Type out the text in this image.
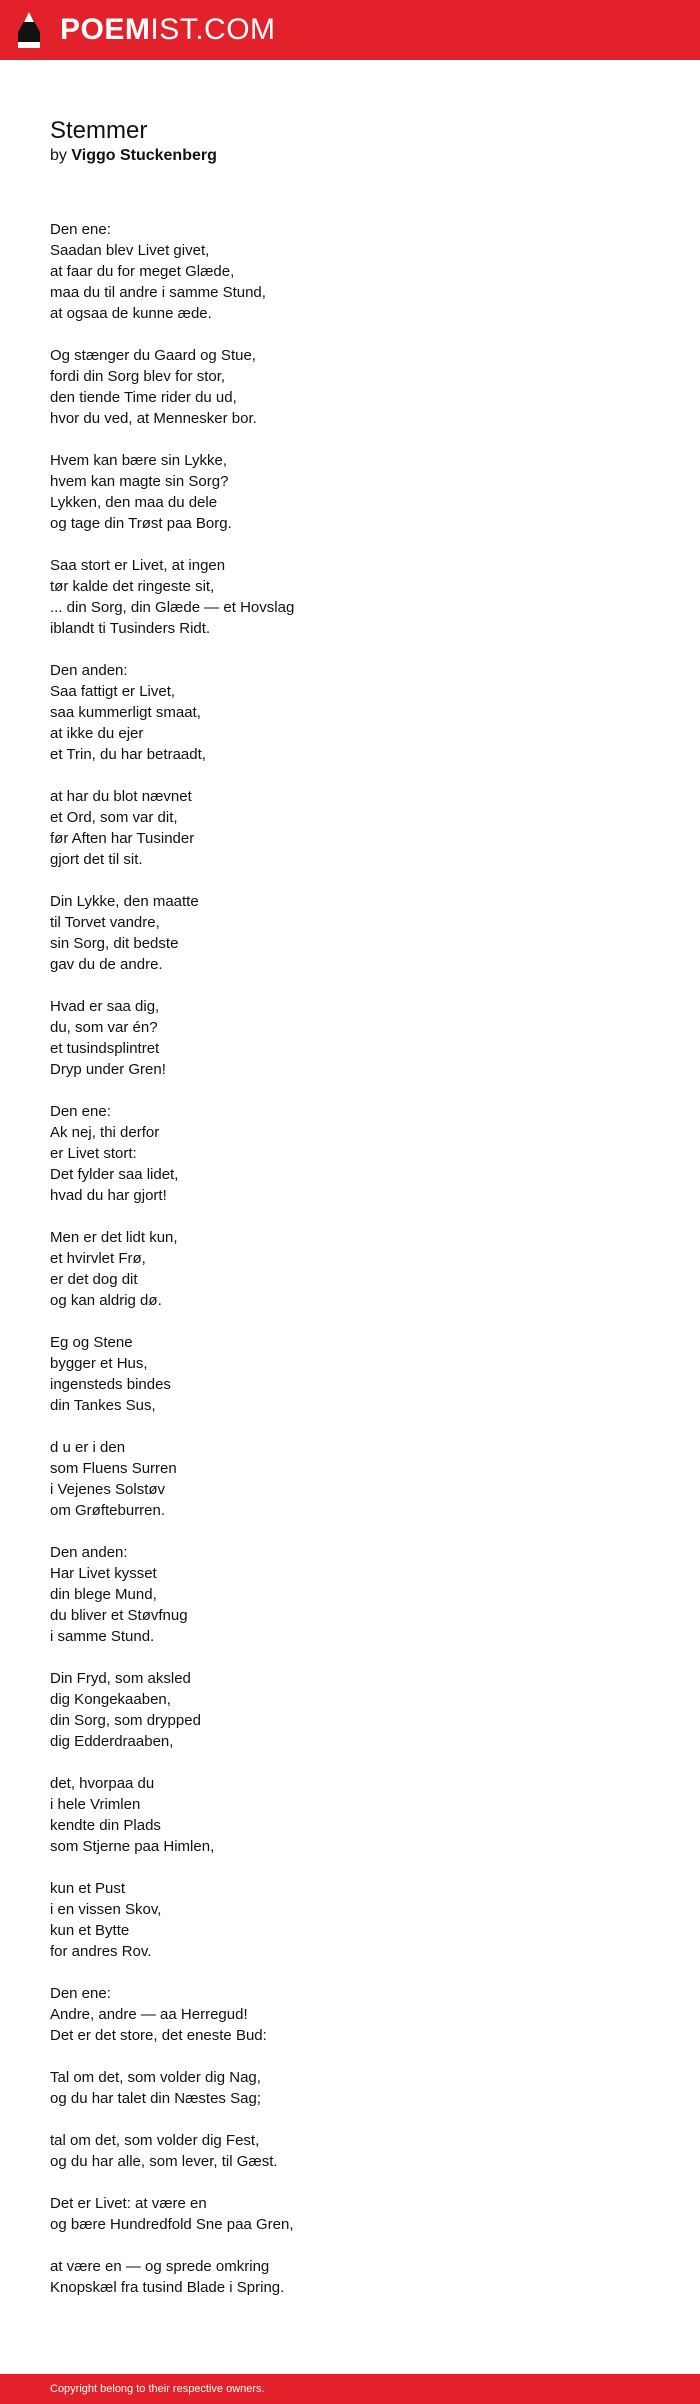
POEMIST.COM
Stemmer
by Viggo Stuckenberg
Den ene:
Saadan blev Livet givet,
at faar du for meget Glæde,
maa du til andre i samme Stund,
at ogsaa de kunne æde.
Og stænger du Gaard og Stue,
fordi din Sorg blev for stor,
den tiende Time rider du ud,
hvor du ved, at Mennesker bor.
Hvem kan bære sin Lykke,
hvem kan magte sin Sorg?
Lykken, den maa du dele
og tage din Trøst paa Borg.
Saa stort er Livet, at ingen
tør kalde det ringeste sit,
... din Sorg, din Glæde — et Hovslag
iblandt ti Tusinders Ridt.
Den anden:
Saa fattigt er Livet,
saa kummerligt smaat,
at ikke du ejer
et Trin, du har betraadt,
at har du blot nævnet
et Ord, som var dit,
før Aften har Tusinder
gjort det til sit.
Din Lykke, den maatte
til Torvet vandre,
sin Sorg, dit bedste
gav du de andre.
Hvad er saa dig,
du, som var én?
et tusindsplintret
Dryp under Gren!
Den ene:
Ak nej, thi derfor
er Livet stort:
Det fylder saa lidet,
hvad du har gjort!
Men er det lidt kun,
et hvirvlet Frø,
er det dog dit
og kan aldrig dø.
Eg og Stene
bygger et Hus,
ingensteds bindes
din Tankes Sus,
d u er i den
som Fluens Surren
i Vejenes Solstøv
om Grøfteburren.
Den anden:
Har Livet kysset
din blege Mund,
du bliver et Støvfnug
i samme Stund.
Din Fryd, som aksled
dig Kongekaaben,
din Sorg, som drypped
dig Edderdraaben,
det, hvorpaa du
i hele Vrimlen
kendte din Plads
som Stjerne paa Himlen,
kun et Pust
i en vissen Skov,
kun et Bytte
for andres Rov.
Den ene:
Andre, andre — aa Herregud!
Det er det store, det eneste Bud:
Tal om det, som volder dig Nag,
og du har talet din Næstes Sag;
tal om det, som volder dig Fest,
og du har alle, som lever, til Gæst.
Det er Livet: at være en
og bære Hundredfold Sne paa Gren,
at være en — og sprede omkring
Knopskæl fra tusind Blade i Spring.
Copyright belong to their respective owners.
